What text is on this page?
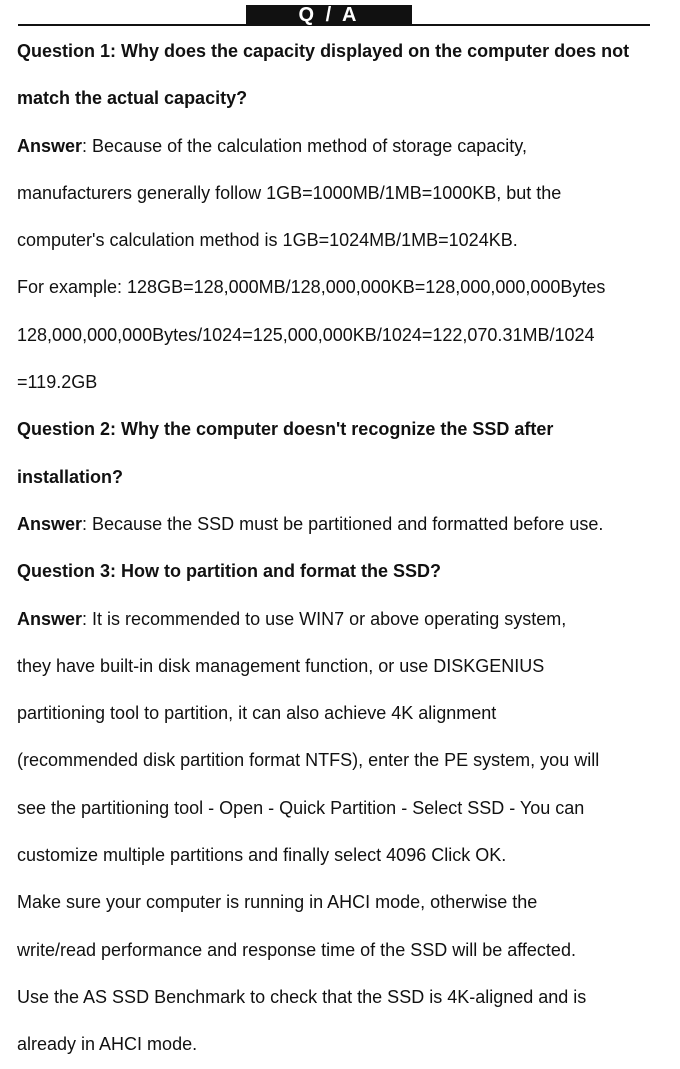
Q / A
Question 1: Why does the capacity displayed on the computer does not
match the actual capacity?
Answer: Because of the calculation method of storage capacity,
manufacturers generally follow 1GB=1000MB/1MB=1000KB, but the
computer's calculation method is 1GB=1024MB/1MB=1024KB.
For example: 128GB=128,000MB/128,000,000KB=128,000,000,000Bytes
128,000,000,000Bytes/1024=125,000,000KB/1024=122,070.31MB/1024
=119.2GB
Question 2: Why the computer doesn't recognize the SSD after
installation?
Answer: Because the SSD must be partitioned and formatted before use.
Question 3: How to partition and format the SSD?
Answer: It is recommended to use WIN7 or above operating system,
they have built-in disk management function, or use DISKGENIUS
partitioning tool to partition, it can also achieve 4K alignment
(recommended disk partition format NTFS), enter the PE system, you will
see the partitioning tool - Open - Quick Partition - Select SSD - You can
customize multiple partitions and finally select 4096 Click OK.
Make sure your computer is running in AHCI mode, otherwise the
write/read performance and response time of the SSD will be affected.
Use the AS SSD Benchmark to check that the SSD is 4K-aligned and is
already in AHCI mode.
